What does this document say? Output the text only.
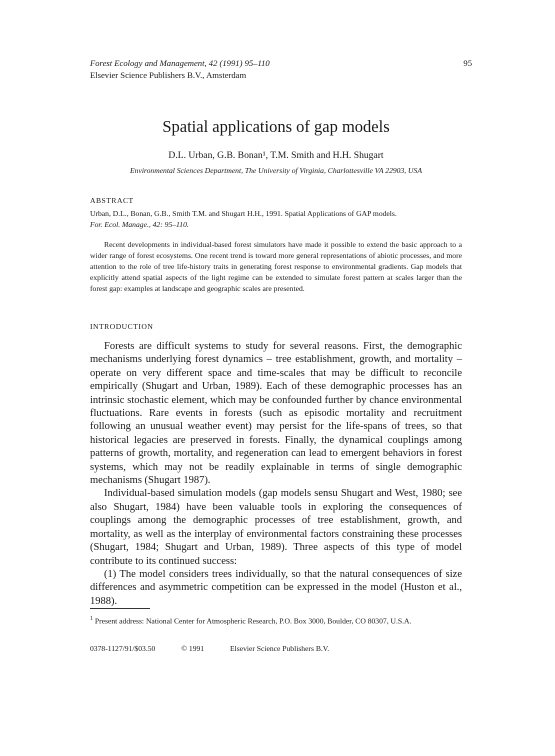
Forest Ecology and Management, 42 (1991) 95–110
Elsevier Science Publishers B.V., Amsterdam
95
Spatial applications of gap models
D.L. Urban, G.B. Bonan¹, T.M. Smith and H.H. Shugart
Environmental Sciences Department, The University of Virginia, Charlottesville VA 22903, USA
ABSTRACT
Urban, D.L., Bonan, G.B., Smith T.M. and Shugart H.H., 1991. Spatial Applications of GAP models.
For. Ecol. Manage., 42: 95–110.

Recent developments in individual-based forest simulators have made it possible to extend the basic approach to a wider range of forest ecosystems. One recent trend is toward more general representations of abiotic processes, and more attention to the role of tree life-history traits in generating forest response to environmental gradients. Gap models that explicitly attend spatial aspects of the light regime can be extended to simulate forest pattern at scales larger than the forest gap: examples at landscape and geographic scales are presented.

INTRODUCTION

Forests are difficult systems to study for several reasons. First, the demographic mechanisms underlying forest dynamics – tree establishment, growth, and mortality – operate on very different space and time-scales that may be difficult to reconcile empirically (Shugart and Urban, 1989). Each of these demographic processes has an intrinsic stochastic element, which may be confounded further by chance environmental fluctuations. Rare events in forests (such as episodic mortality and recruitment following an unusual weather event) may persist for the life-spans of trees, so that historical legacies are preserved in forests. Finally, the dynamical couplings among patterns of growth, mortality, and regeneration can lead to emergent behaviors in forest systems, which may not be readily explainable in terms of single demographic mechanisms (Shugart 1987).

Individual-based simulation models (gap models sensu Shugart and West, 1980; see also Shugart, 1984) have been valuable tools in exploring the consequences of couplings among the demographic processes of tree establishment, growth, and mortality, as well as the interplay of environmental factors constraining these processes (Shugart, 1984; Shugart and Urban, 1989). Three aspects of this type of model contribute to its continued success:

(1) The model considers trees individually, so that the natural consequences of size differences and asymmetric competition can be expressed in the model (Huston et al., 1988).

$^1$ Present address: National Center for Atmospheric Research, P.O. Box 3000, Boulder, CO 80307, U.S.A.
0378-1127/91/$03.50	© 1991	Elsevier Science Publishers B.V.
